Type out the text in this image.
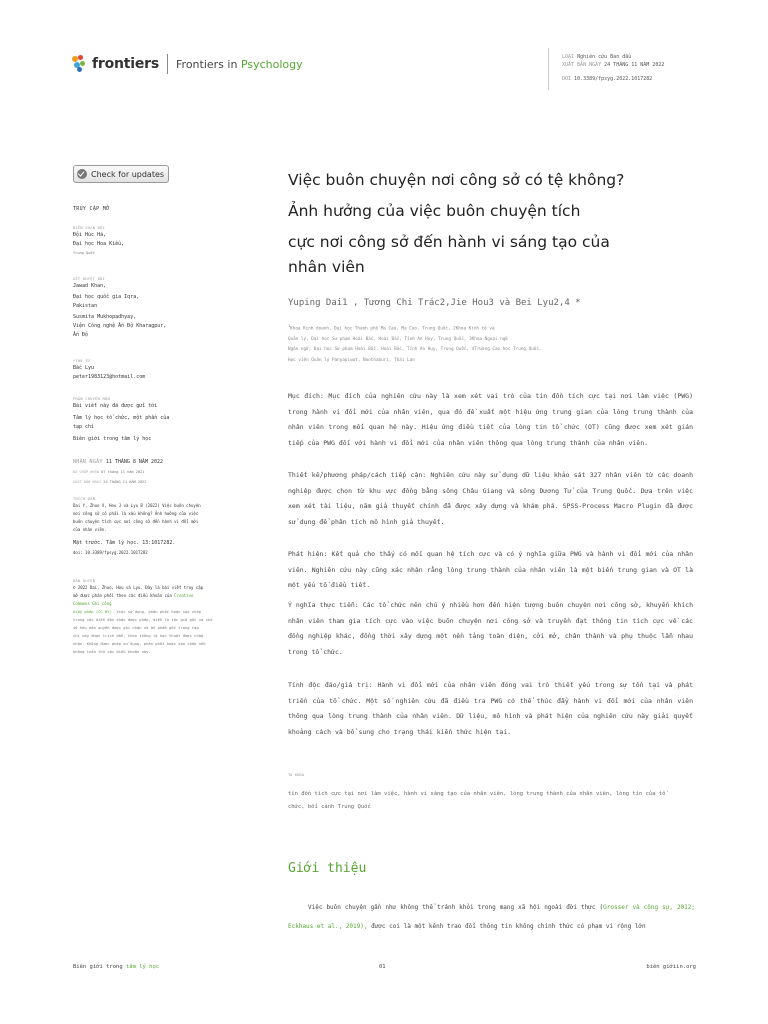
frontiers Frontiers in Psychology
LOẠI Nghiên cứu Ban đầu
XUẤT BẢN NGÀY 24 THÁNG 11 NĂM 2022
DOI 10.3389/fpsyg.2022.1017282
Check for updates
TRUY CẬP MỞ
BIÊN SOẠN BỞI
Đội Húc Hà,
Đại học Hoa Kiều,
Trung Quốc
XÉT DUYỆT BỞI
Jawad Khan,
Đại học quốc gia Iqra,
Pakistan
Susmita Mukhopadhyay,
Viện Công nghệ Ấn Độ Kharagpur,
Ấn Độ
*THƯ TỪ
Bắc Lyu
peter1983123@hotmail.com
PHẦN CHUYÊN MÔN
Bài viết này đã được gửi tới
Tâm lý học tổ chức, một phần của
tạp chí
Biên giới trong tâm lý học
NHẬN NGÀY 11 THÁNG 8 NĂM 2022
ĐÃ CHẤP NHẬN 07 tháng 11 năm 2021
XUẤT BẢN NGÀY 24 THÁNG 11 NĂM 2022
TRÍCH DẪN
Dai Y, Zhuo X, Hou J và Lyu B (2022) Việc buôn chuyện
nơi công sở có phải là xấu không? Ảnh hưởng của việc
buôn chuyện tích cực nơi công sở đến hành vi đổi mới
của nhân viên.
Mặt trước. Tâm lý học. 13:1017282.
doi: 10.3389/fpsyg.2022.1017282
BẢN QUYỀN
© 2022 Dai, Zhuo, Hou và Lyu. Đây là bài viết truy cập
mở được phân phối theo các điều khoản của Creative
Commons Ghi công
Giấy phép (CC BY). Việc sử dụng, phân phối hoặc sao chép
trong các diễn đàn khác được phép, miễn là tác giả gốc và chủ
sở hữu bản quyền được ghi nhận và ấn phẩm gốc trong tạp
chí này được trích dẫn, theo thông lệ học thuật được chấp
nhận. Không được phép sử dụng, phân phối hoặc sao chép nếu
không tuân thủ các điều khoản này.
Việc buôn chuyện nơi công sở có tệ không?
Ảnh hưởng của việc buôn chuyện tích
cực nơi công sở đến hành vi sáng tạo của
nhân viên
Yuping Dai1 , Tương Chi Trác2,Jie Hou3 và Bei Lyu2,4 *
$^1$Khoa Kinh doanh, Đại học Thành phố Ma Cao, Ma Cao, Trung Quốc, 2Khoa Kinh tế và
Quản lý, Đại học Sư phạm Hoài Bắc, Hoài Bắc, Tỉnh An Huy, Trung Quốc, 3Khoa Ngoại ngữ
Ngôn ngữ, Đại học Sư phạm Hoài Bắc, Hoài Bắc, Tỉnh An Huy, Trung Quốc, 4Trường Cao học Trung Quốc,
Học viện Quản lý Panyapiwat, Nonthaburi, Thái Lan
Mục đích: Mục đích của nghiên cứu này là xem xét vai trò của tin đồn tích cực tại nơi làm việc (PWG) trong hành vi đổi mới của nhân viên, qua đó đề xuất một hiệu ứng trung gian của lòng trung thành của nhân viên trong mối quan hệ này. Hiệu ứng điều tiết của lòng tin tổ chức (OT) cũng được xem xét gián tiếp của PWG đối với hành vi đổi mới của nhân viên thông qua lòng trung thành của nhân viên.
Thiết kế/phương pháp/cách tiếp cận: Nghiên cứu này sử dụng dữ liệu khảo sát 327 nhân viên từ các doanh nghiệp được chọn từ khu vực đồng bằng sông Châu Giang và sông Dương Tử của Trung Quốc. Dựa trên việc xem xét tài liệu, năm giả thuyết chính đã được xây dựng và khám phá. SPSS-Process Macro Plugin đã được sử dụng để phân tích mô hình giả thuyết.
Phát hiện: Kết quả cho thấy có mối quan hệ tích cực và có ý nghĩa giữa PWG và hành vi đổi mới của nhân viên. Nghiên cứu này cũng xác nhận rằng lòng trung thành của nhân viên là một biến trung gian và OT là một yếu tố điều tiết.
Ý nghĩa thực tiễn: Các tổ chức nên chú ý nhiều hơn đến hiện tượng buôn chuyện nơi công sở, khuyến khích nhân viên tham gia tích cực vào việc buôn chuyện nơi công sở và truyền đạt thông tin tích cực về các đồng nghiệp khác, đồng thời xây dựng một nền tảng toàn diện, cởi mở, chân thành và phụ thuộc lẫn nhau trong tổ chức.
Tính độc đáo/giá trị: Hành vi đổi mới của nhân viên đóng vai trò thiết yếu trong sự tồn tại và phát triển của tổ chức. Một số nghiên cứu đã điều tra PWG có thể thúc đẩy hành vi đổi mới của nhân viên thông qua lòng trung thành của nhân viên. Dữ liệu, mô hình và phát hiện của nghiên cứu này giải quyết khoảng cách và bổ sung cho trạng thái kiến thức hiện tại.
TỪ KHÓA
tin đồn tích cực tại nơi làm việc, hành vi sáng tạo của nhân viên, lòng trung thành của nhân viên, lòng tin của tổ chức, bối cảnh Trung Quốc
Giới thiệu
Việc buôn chuyện gần như không thể tránh khỏi trong mạng xã hội ngoài đời thực (Grosser và cộng sự, 2012; Eckhaus et al., 2019), được coi là một kênh trao đổi thông tin không chính thức có phạm vi rộng lớn
Biên giới trong tâm lý học	01	biên giớiin.org
